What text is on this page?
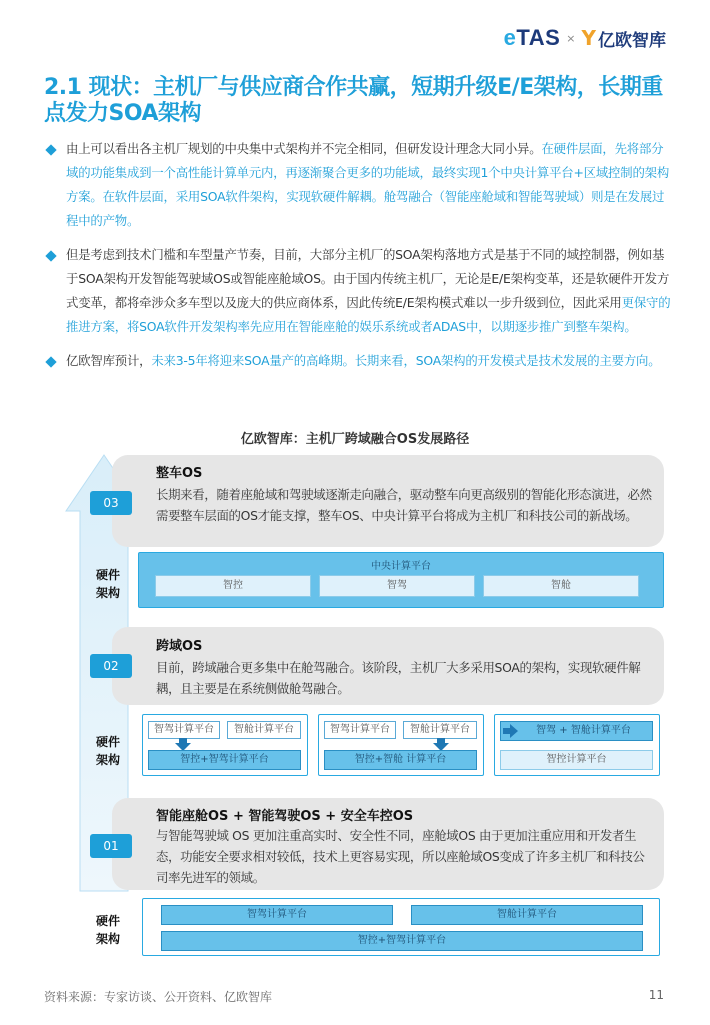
eTAS × Y 亿欧智库
2.1 现状：主机厂与供应商合作共赢，短期升级E/E架构，长期重点发力SOA架构
由上可以看出各主机厂规划的中央集中式架构并不完全相同，但研发设计理念大同小异。在硬件层面，先将部分域的功能集成到一个高性能计算单元内，再逐渐聚合更多的功能域，最终实现1个中央计算平台+区域控制的架构方案。在软件层面，采用SOA软件架构，实现软硬件解耦。舱驾融合（智能座舱域和智能驾驶域）则是在发展过程中的产物。
但是考虑到技术门槛和车型量产节奏，目前，大部分主机厂的SOA架构落地方式是基于不同的域控制器，例如基于SOA架构开发智能驾驶域OS或智能座舱域OS。由于国内传统主机厂，无论是E/E架构变革，还是软硬件开发方式变革，都将牵涉众多车型以及庞大的供应商体系，因此传统E/E架构模式难以一步升级到位，因此采用更保守的推进方案，将SOA软件开发架构率先应用在智能座舱的娱乐系统或者ADAS中，以期逐步推广到整车架构。
亿欧智库预计，未来3-5年将迎来SOA量产的高峰期。长期来看，SOA架构的开发模式是技术发展的主要方向。
亿欧智库：主机厂跨域融合OS发展路径
整车OS
长期来看，随着座舱域和驾驶域逐渐走向融合，驱动整车向更高级别的智能化形态演进，必然需要整车层面的OS才能支撑，整车OS、中央计算平台将成为主机厂和科技公司的新战场。
03
硬件
架构
中央计算平台
智控	智驾	智舱
跨域OS
目前，跨域融合更多集中在舱驾融合。该阶段，主机厂大多采用SOA的架构，实现软硬件解耦，且主要是在系统侧做舱驾融合。
02
硬件
架构
智驾计算平台	智舱计算平台
智控+智驾计算平台
智驾计算平台	智舱计算平台
智控+智舱 计算平台
智驾 + 智舱计算平台
智控计算平台
智能座舱OS + 智能驾驶OS + 安全车控OS
与智能驾驶域 OS 更加注重高实时、安全性不同，座舱域OS 由于更加注重应用和开发者生态，功能安全要求相对较低，技术上更容易实现，所以座舱域OS变成了许多主机厂和科技公司率先进军的领域。
01
硬件
架构
智驾计算平台	智舱计算平台
智控+智驾计算平台
资料来源：专家访谈、公开资料、亿欧智库	11
